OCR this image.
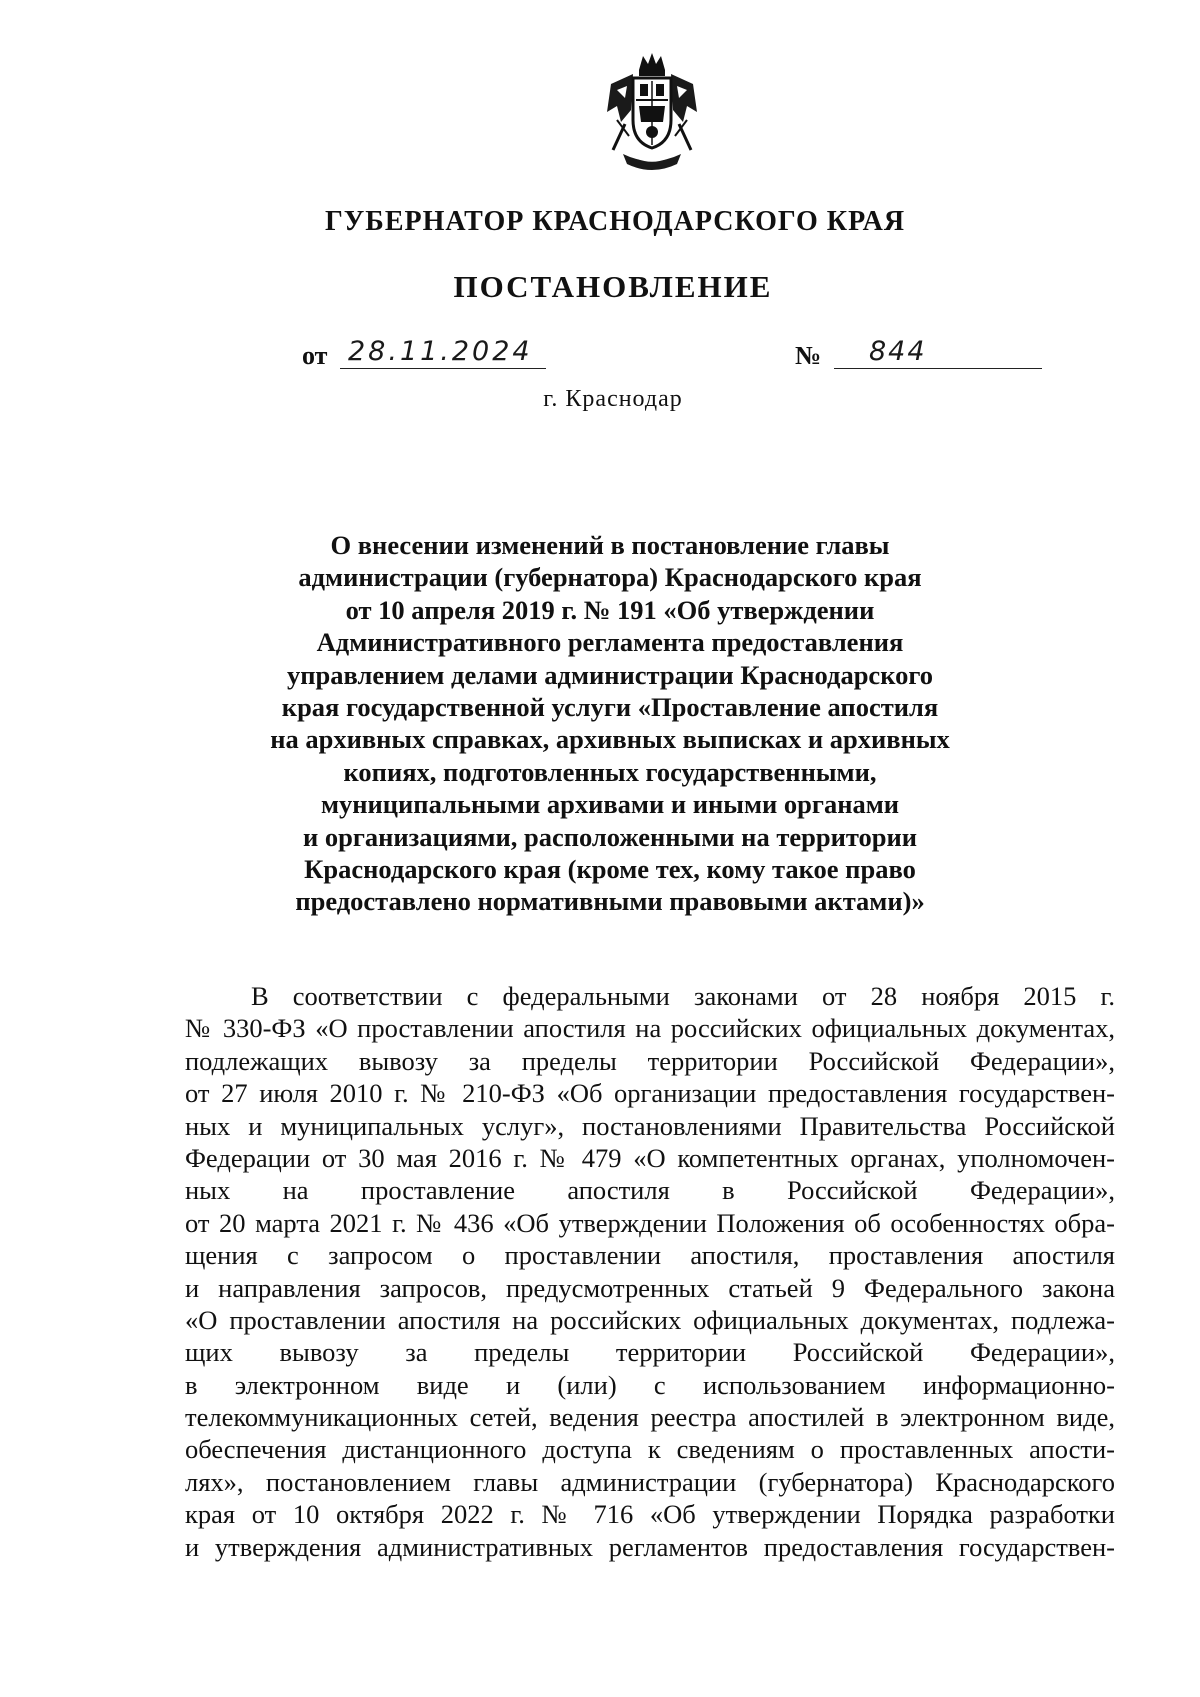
ГУБЕРНАТОР КРАСНОДАРСКОГО КРАЯ
ПОСТАНОВЛЕНИЕ
от 28.11.2024	№ 844
г. Краснодар
О внесении изменений в постановление главы
администрации (губернатора) Краснодарского края
от 10 апреля 2019 г. № 191 «Об утверждении
Административного регламента предоставления
управлением делами администрации Краснодарского
края государственной услуги «Проставление апостиля
на архивных справках, архивных выписках и архивных
копиях, подготовленных государственными,
муниципальными архивами и иными органами
и организациями, расположенными на территории
Краснодарского края (кроме тех, кому такое право
предоставлено нормативными правовыми актами)»
В соответствии с федеральными законами от 28 ноября 2015 г.
№ 330-ФЗ «О проставлении апостиля на российских официальных документах,
подлежащих вывозу за пределы территории Российской Федерации»,
от 27 июля 2010 г. № 210-ФЗ «Об организации предоставления государствен-
ных и муниципальных услуг», постановлениями Правительства Российской
Федерации от 30 мая 2016 г. № 479 «О компетентных органах, уполномочен-
ных на проставление апостиля в Российской Федерации»,
от 20 марта 2021 г. № 436 «Об утверждении Положения об особенностях обра-
щения с запросом о проставлении апостиля, проставления апостиля
и направления запросов, предусмотренных статьей 9 Федерального закона
«О проставлении апостиля на российских официальных документах, подлежа-
щих вывозу за пределы территории Российской Федерации»,
в электронном виде и (или) с использованием информационно-
телекоммуникационных сетей, ведения реестра апостилей в электронном виде,
обеспечения дистанционного доступа к сведениям о проставленных апости-
лях», постановлением главы администрации (губернатора) Краснодарского
края от 10 октября 2022 г. № 716 «Об утверждении Порядка разработки
и утверждения административных регламентов предоставления государствен-
